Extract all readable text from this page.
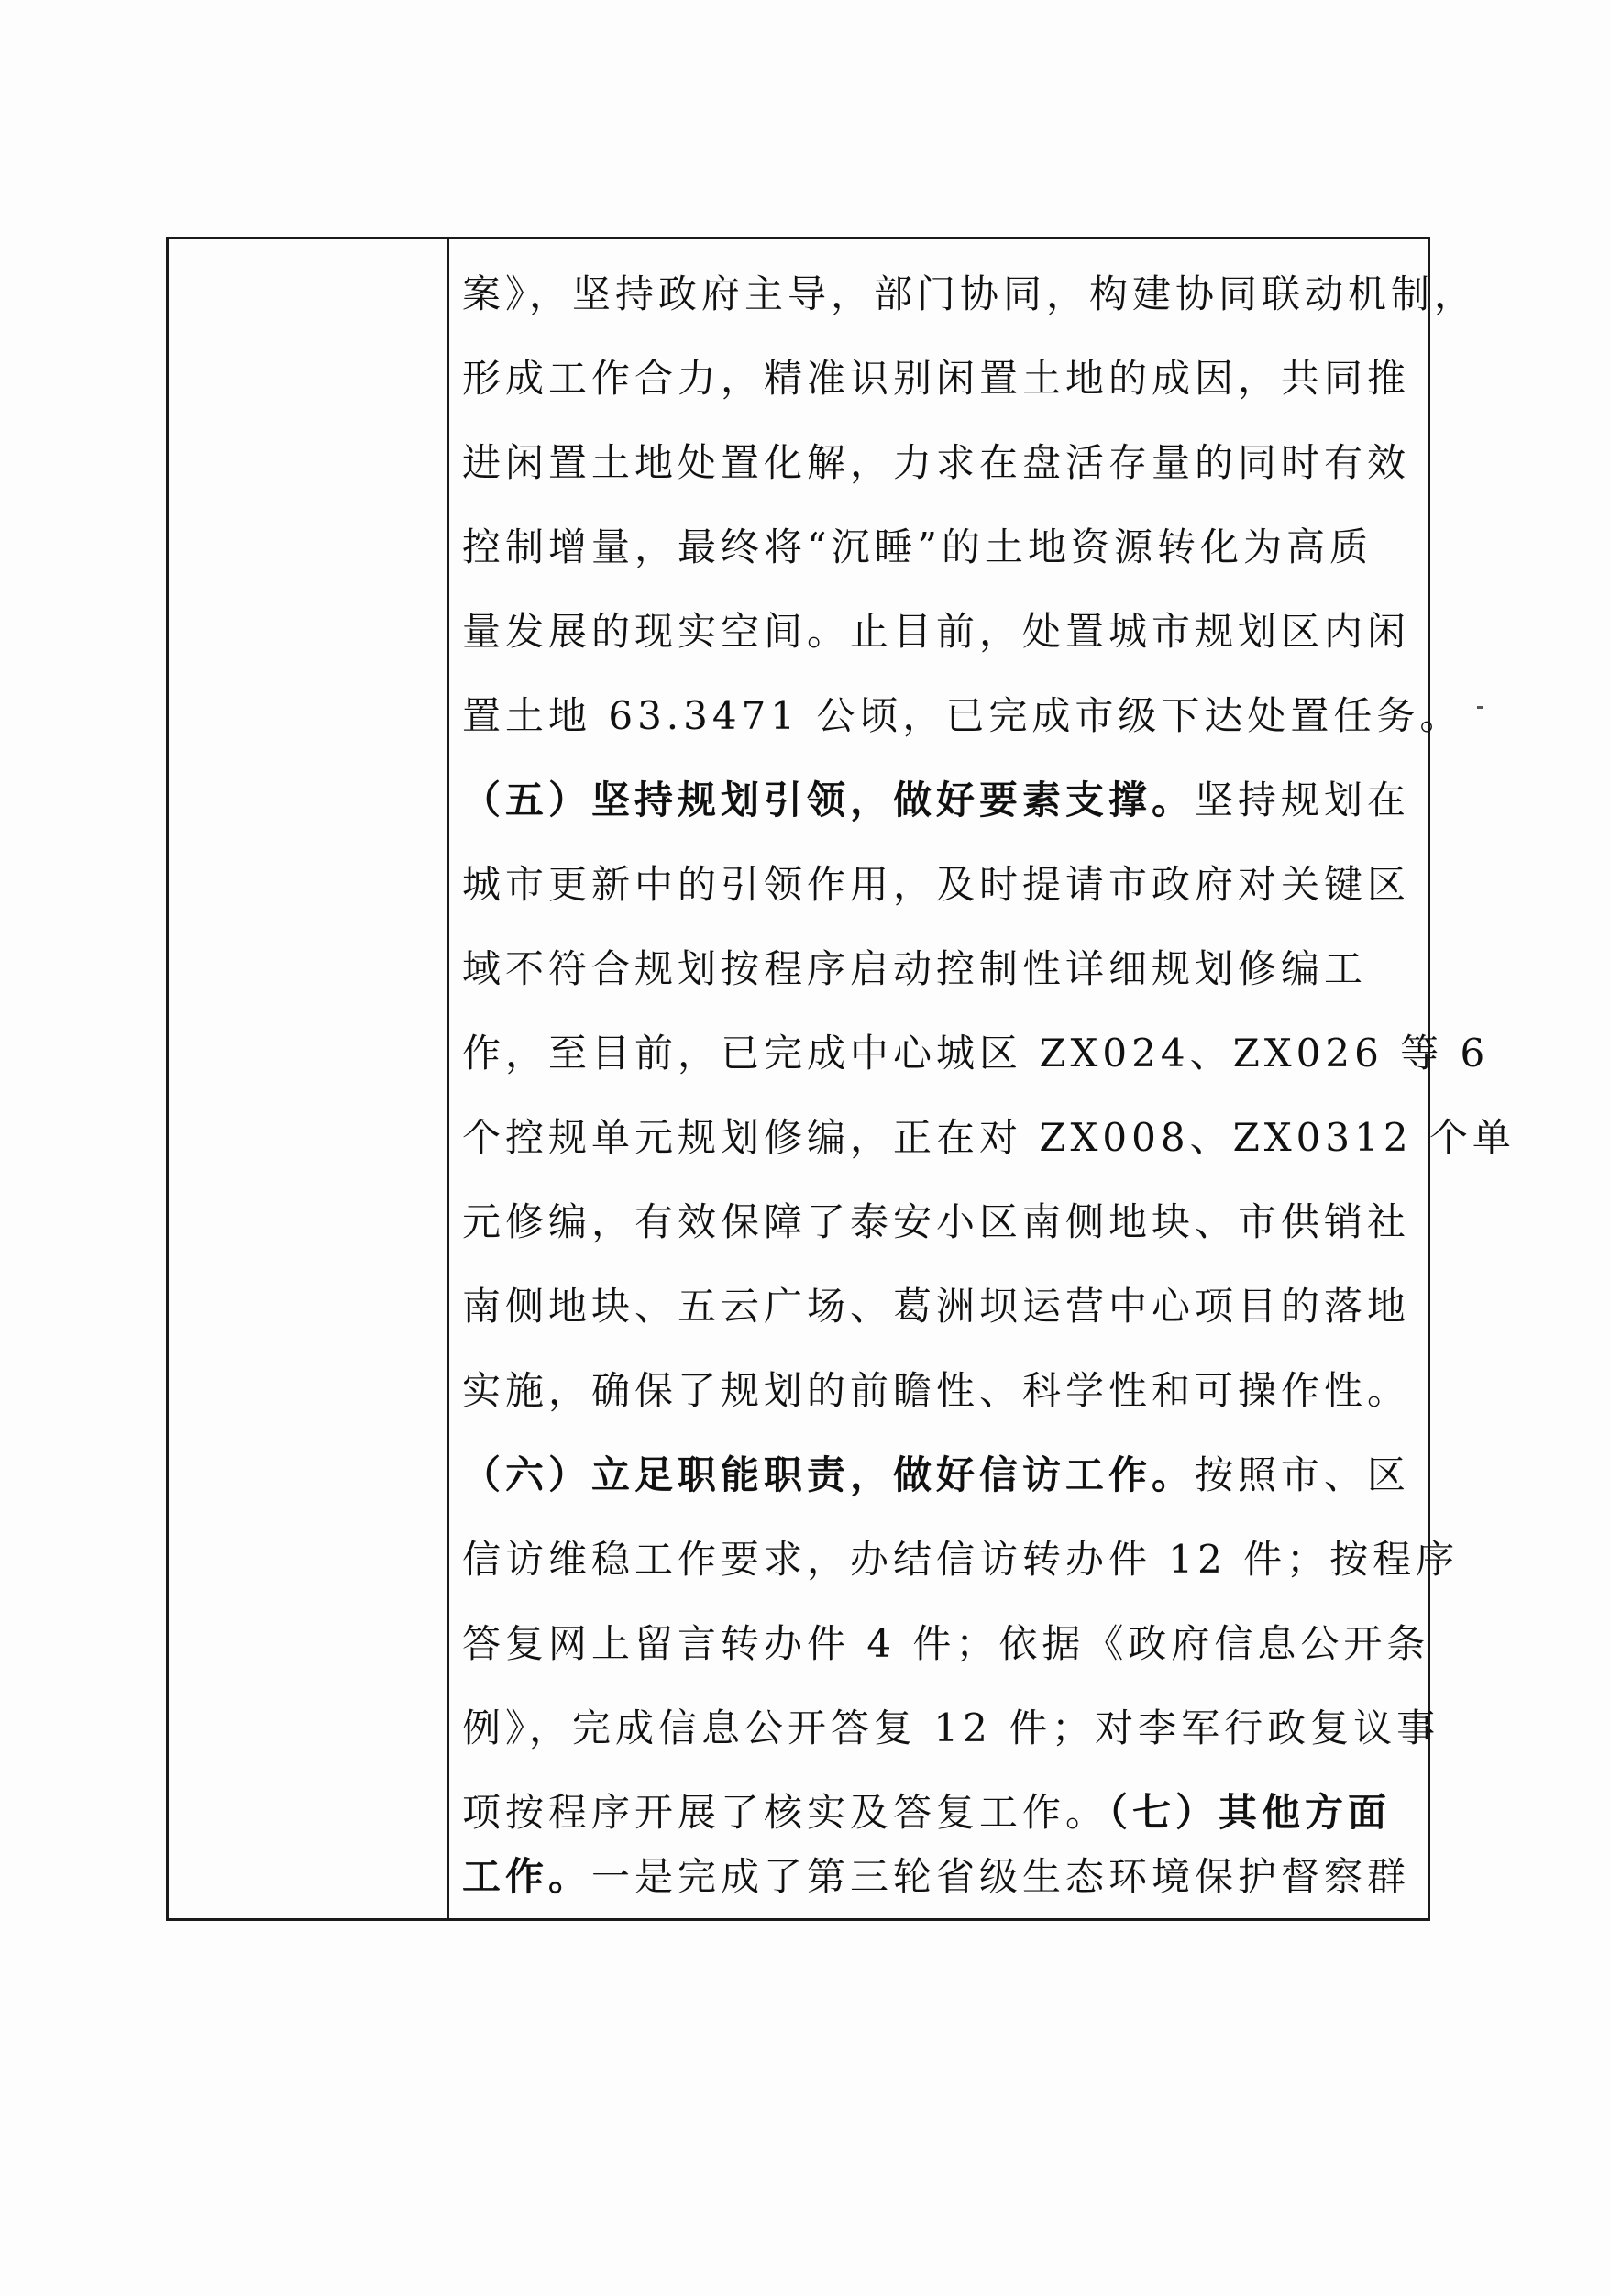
案》，坚持政府主导，部门协同，构建协同联动机制，
形成工作合力，精准识别闲置土地的成因，共同推
进闲置土地处置化解，力求在盘活存量的同时有效
控制增量，最终将“沉睡”的土地资源转化为高质
量发展的现实空间。止目前，处置城市规划区内闲
置土地 63.3471 公顷，已完成市级下达处置任务。
（五）坚持规划引领，做好要素支撑。坚持规划在
城市更新中的引领作用，及时提请市政府对关键区
域不符合规划按程序启动控制性详细规划修编工
作，至目前，已完成中心城区 ZX024、ZX026 等 6
个控规单元规划修编，正在对 ZX008、ZX0312 个单
元修编，有效保障了泰安小区南侧地块、市供销社
南侧地块、五云广场、葛洲坝运营中心项目的落地
实施，确保了规划的前瞻性、科学性和可操作性。
（六）立足职能职责，做好信访工作。按照市、区
信访维稳工作要求，办结信访转办件 12 件；按程序
答复网上留言转办件 4 件；依据《政府信息公开条
例》，完成信息公开答复 12 件；对李军行政复议事
项按程序开展了核实及答复工作。（七）其他方面
工作。一是完成了第三轮省级生态环境保护督察群
